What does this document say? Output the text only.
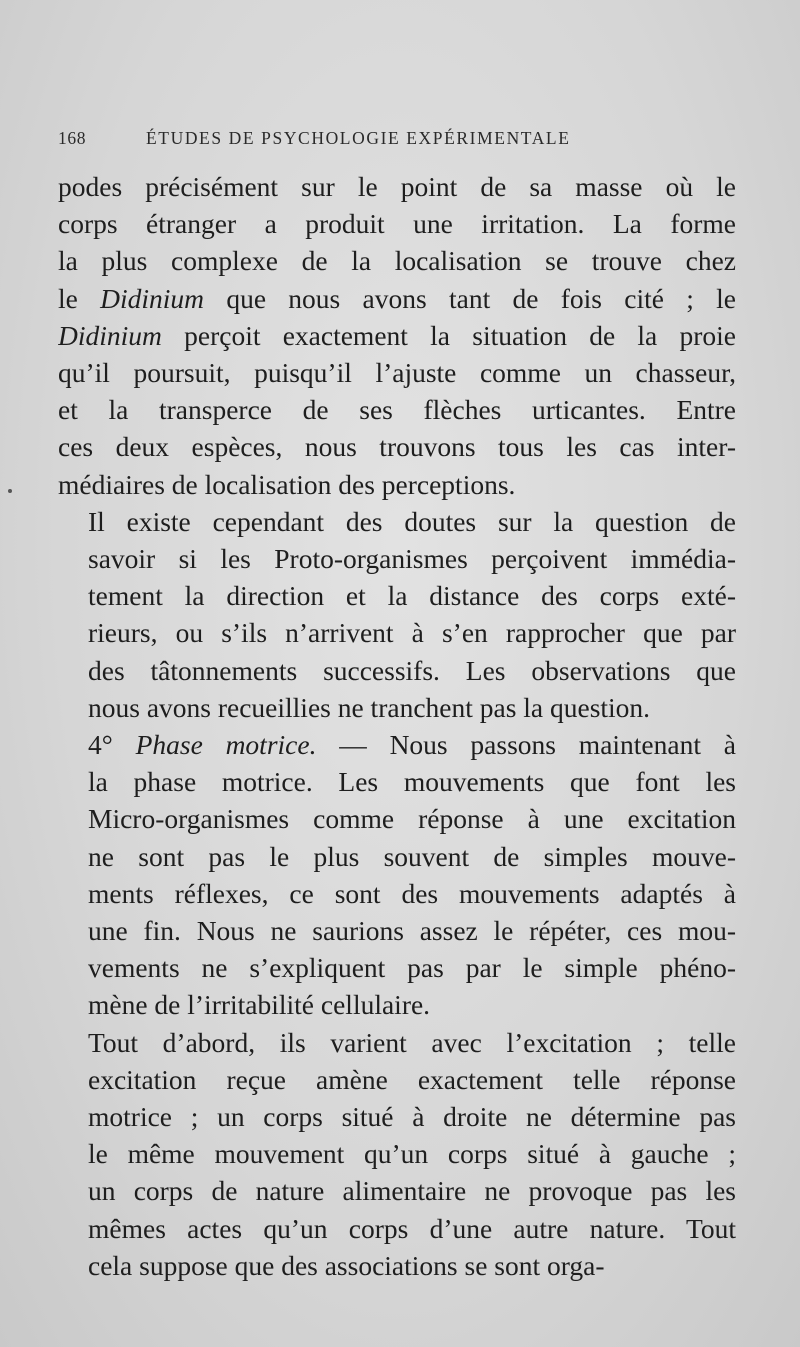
168	ÉTUDES DE PSYCHOLOGIE EXPÉRIMENTALE

podes précisément sur le point de sa masse où le
corps étranger a produit une irritation. La forme
la plus complexe de la localisation se trouve chez
le Didinium que nous avons tant de fois cité ; le
Didinium perçoit exactement la situation de la proie
qu’il poursuit, puisqu’il l’ajuste comme un chasseur,
et la transperce de ses flèches urticantes. Entre
ces deux espèces, nous trouvons tous les cas inter-
médiaires de localisation des perceptions.

Il existe cependant des doutes sur la question de
savoir si les Proto-organismes perçoivent immédia-
tement la direction et la distance des corps exté-
rieurs, ou s’ils n’arrivent à s’en rapprocher que par
des tâtonnements successifs. Les observations que
nous avons recueillies ne tranchent pas la question.

4° Phase motrice. — Nous passons maintenant à
la phase motrice. Les mouvements que font les
Micro-organismes comme réponse à une excitation
ne sont pas le plus souvent de simples mouve-
ments réflexes, ce sont des mouvements adaptés à
une fin. Nous ne saurions assez le répéter, ces mou-
vements ne s’expliquent pas par le simple phéno-
mène de l’irritabilité cellulaire.

Tout d’abord, ils varient avec l’excitation ; telle
excitation reçue amène exactement telle réponse
motrice ; un corps situé à droite ne détermine pas
le même mouvement qu’un corps situé à gauche ;
un corps de nature alimentaire ne provoque pas les
mêmes actes qu’un corps d’une autre nature. Tout
cela suppose que des associations se sont orga-
